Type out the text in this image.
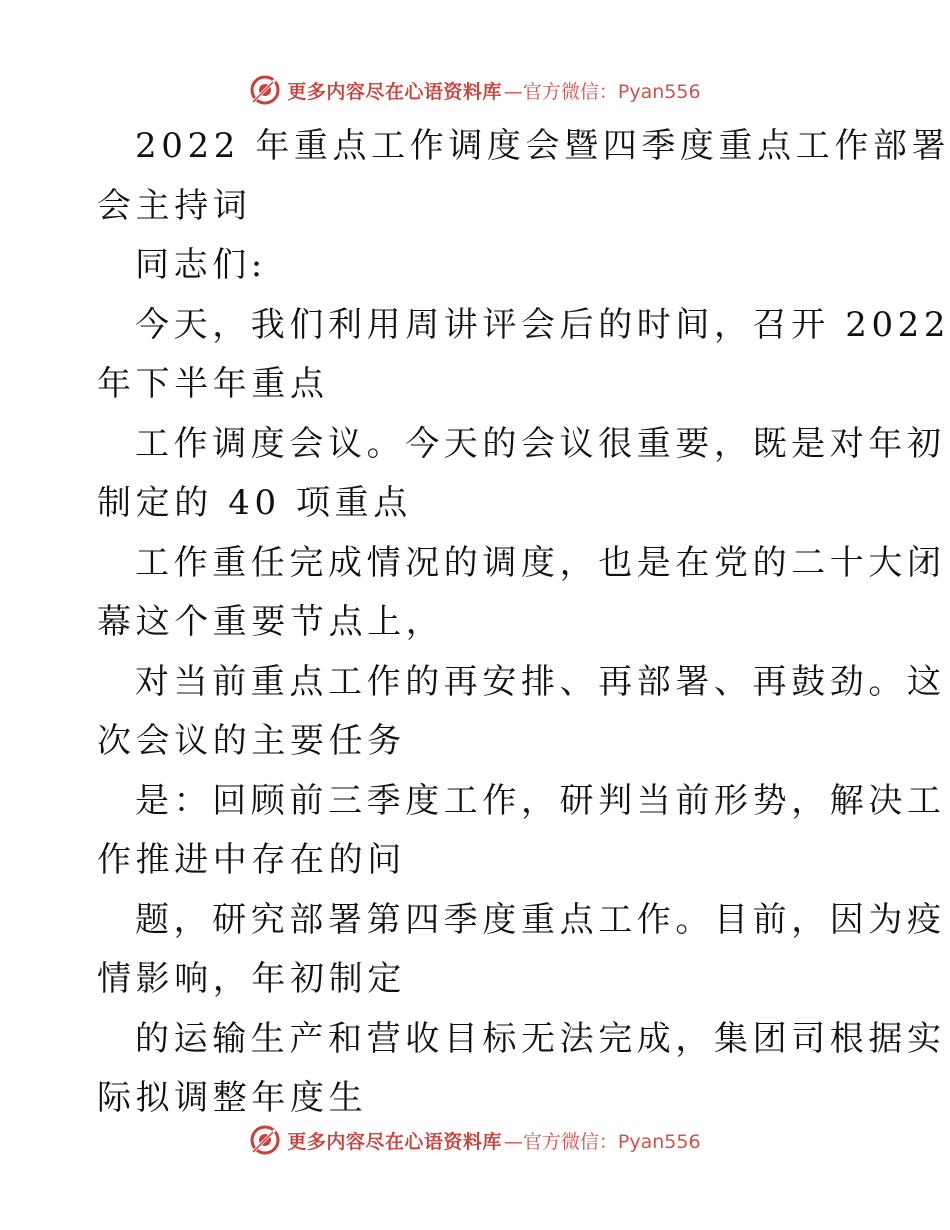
更多内容尽在心语资料库 —官方微信：Pyan556
2022 年重点工作调度会暨四季度重点工作部署
会主持词
同志们:
今天，我们利用周讲评会后的时间，召开 2022
年下半年重点
工作调度会议。今天的会议很重要，既是对年初
制定的 40 项重点
工作重任完成情况的调度，也是在党的二十大闭
幕这个重要节点上，
对当前重点工作的再安排、再部署、再鼓劲。这
次会议的主要任务
是：回顾前三季度工作，研判当前形势，解决工
作推进中存在的问
题，研究部署第四季度重点工作。目前，因为疫
情影响，年初制定
的运输生产和营收目标无法完成，集团司根据实
际拟调整年度生
更多内容尽在心语资料库 —官方微信：Pyan556
